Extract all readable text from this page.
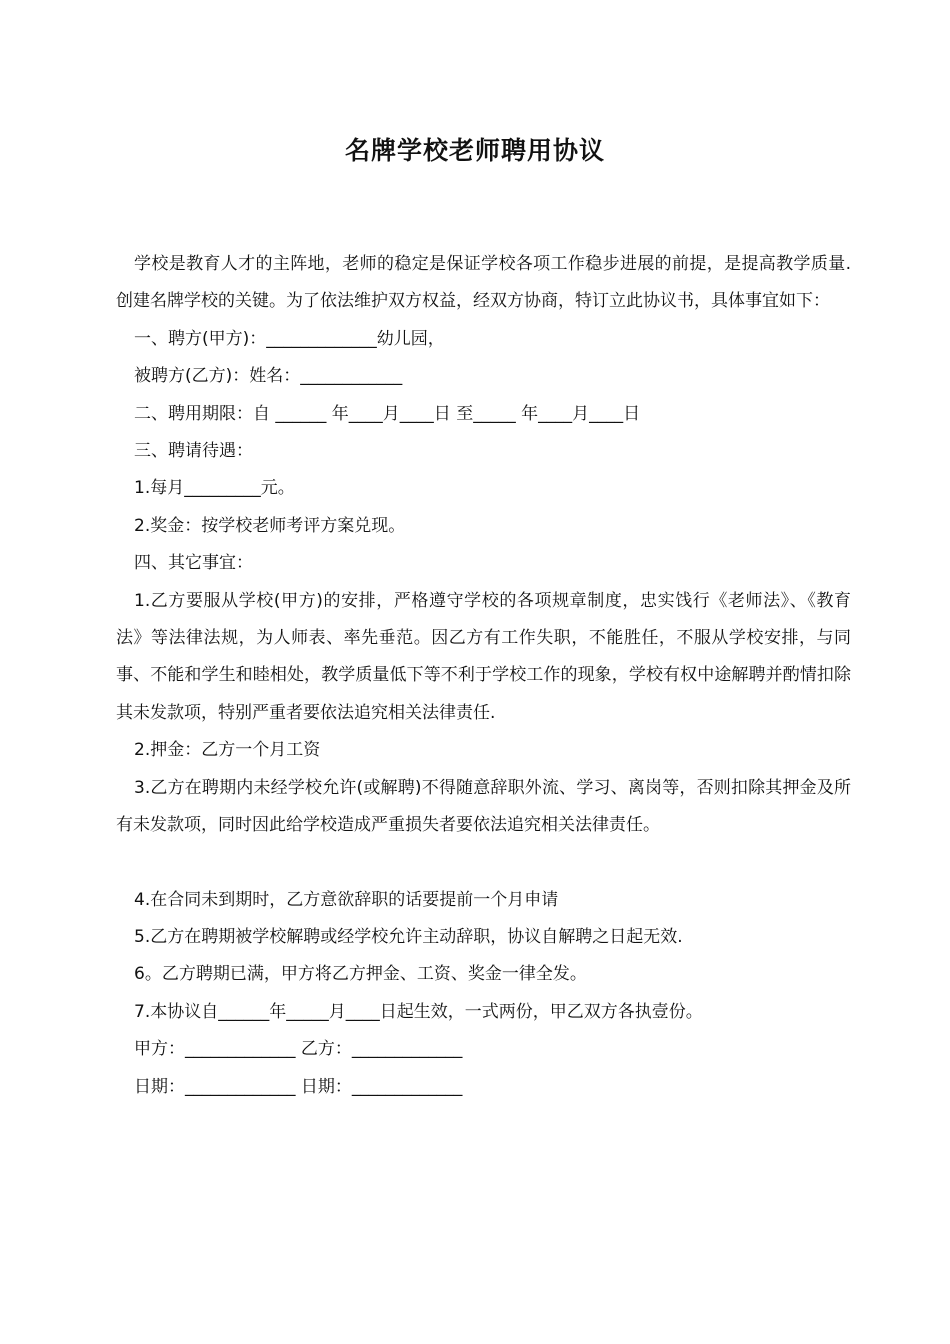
名牌学校老师聘用协议

学校是教育人才的主阵地，老师的稳定是保证学校各项工作稳步进展的前提，是提高教学质量.创建名牌学校的关键。为了依法维护双方权益，经双方协商，特订立此协议书，具体事宜如下：

一、聘方(甲方)：_____________幼儿园，

被聘方(乙方)：姓名：____________

二、聘用期限：自 ______ 年____月____日 至_____ 年____月____日

三、聘请待遇：

1.每月_________元。

2.奖金：按学校老师考评方案兑现。

四、其它事宜：

1.乙方要服从学校(甲方)的安排，严格遵守学校的各项规章制度，忠实饯行《老师法》、《教育法》等法律法规，为人师表、率先垂范。因乙方有工作失职，不能胜任，不服从学校安排，与同事、不能和学生和睦相处，教学质量低下等不利于学校工作的现象，学校有权中途解聘并酌情扣除其未发款项，特别严重者要依法追究相关法律责任.

2.押金：乙方一个月工资

3.乙方在聘期内未经学校允许(或解聘)不得随意辞职外流、学习、离岗等，否则扣除其押金及所有未发款项，同时因此给学校造成严重损失者要依法追究相关法律责任。

4.在合同未到期时，乙方意欲辞职的话要提前一个月申请

5.乙方在聘期被学校解聘或经学校允许主动辞职，协议自解聘之日起无效.

6。乙方聘期已满，甲方将乙方押金、工资、奖金一律全发。

7.本协议自______年_____月____日起生效，一式两份，甲乙双方各执壹份。

甲方：_____________ 乙方：_____________

日期：_____________ 日期：_____________
